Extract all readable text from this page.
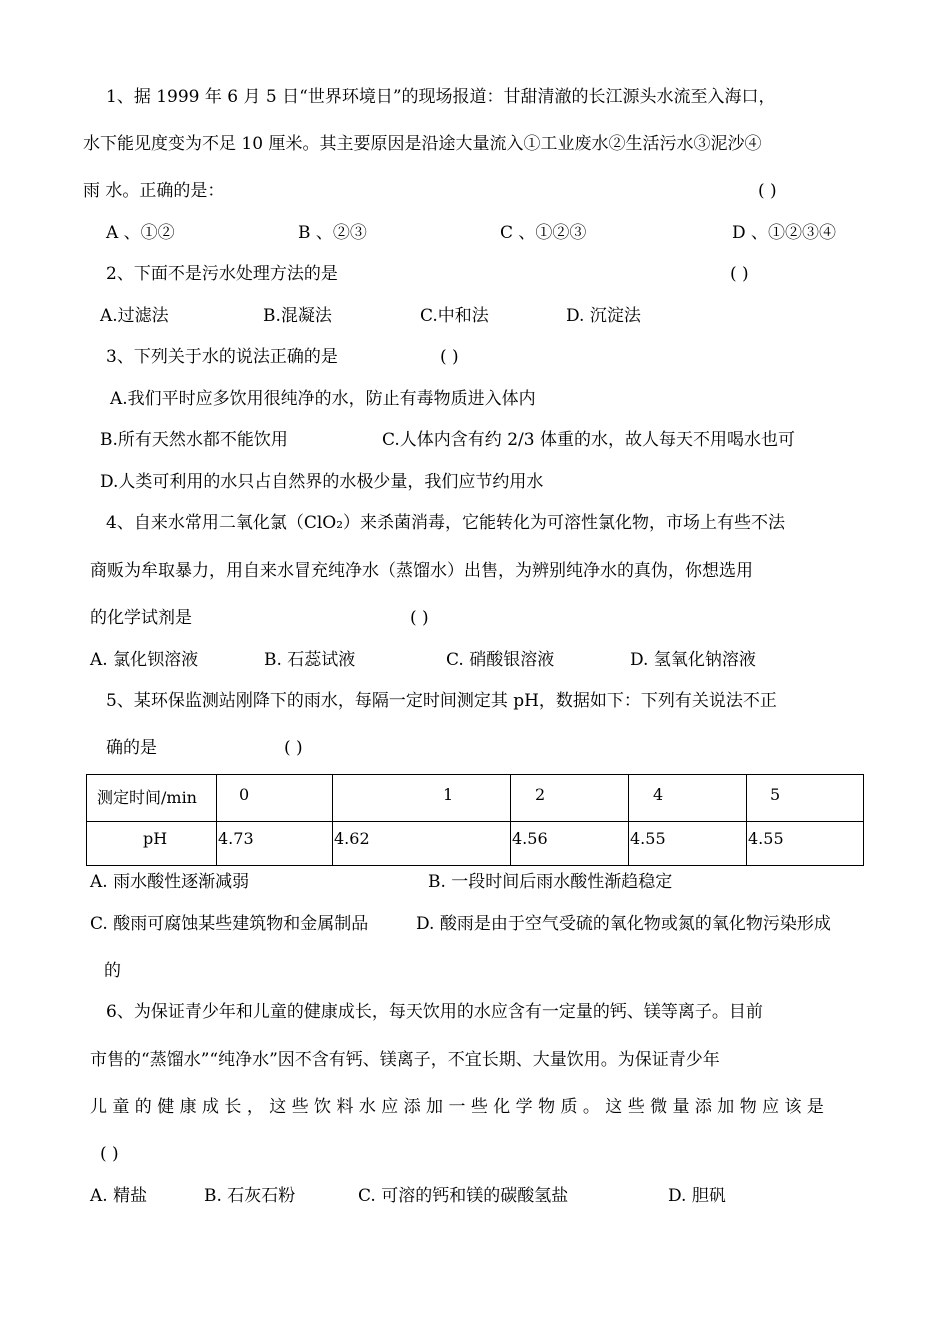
1、据 1999 年 6 月 5 日“世界环境日”的现场报道：甘甜清澈的长江源头水流至入海口，
水下能见度变为不足 10 厘米。其主要原因是沿途大量流入①工业废水②生活污水③泥沙④
雨 水。正确的是：	( )
A 、①②	B 、②③	C 、①②③	D 、①②③④
2、下面不是污水处理方法的是	( )
A.过滤法	B.混凝法	C.中和法	D. 沉淀法
3、下列关于水的说法正确的是	( )
A.我们平时应多饮用很纯净的水，防止有毒物质进入体内
B.所有天然水都不能饮用	C.人体内含有约 2/3 体重的水，故人每天不用喝水也可
D.人类可利用的水只占自然界的水极少量，我们应节约用水
4、自来水常用二氧化氯（ClO₂）来杀菌消毒，它能转化为可溶性氯化物，市场上有些不法
商贩为牟取暴力，用自来水冒充纯净水（蒸馏水）出售，为辨别纯净水的真伪，你想选用
的化学试剂是	( )
A. 氯化钡溶液	B. 石蕊试液	C. 硝酸银溶液	D. 氢氧化钠溶液
5、某环保监测站刚降下的雨水，每隔一定时间测定其 pH，数据如下：下列有关说法不正
确的是	( )
测定时间/min	0	1	2	4	5
pH	4.73	4.62	4.56	4.55	4.55
A. 雨水酸性逐渐减弱	B. 一段时间后雨水酸性渐趋稳定
C. 酸雨可腐蚀某些建筑物和金属制品	D. 酸雨是由于空气受硫的氧化物或氮的氧化物污染形成
的
6、为保证青少年和儿童的健康成长，每天饮用的水应含有一定量的钙、镁等离子。目前
市售的“蒸馏水”“纯净水”因不含有钙、镁离子，不宜长期、大量饮用。为保证青少年
儿 童 的 健 康 成 长 ， 这 些 饮 料 水 应 添 加 一 些 化 学 物 质 。 这 些 微 量 添 加 物 应 该 是
( )
A. 精盐	B. 石灰石粉	C. 可溶的钙和镁的碳酸氢盐	D. 胆矾
